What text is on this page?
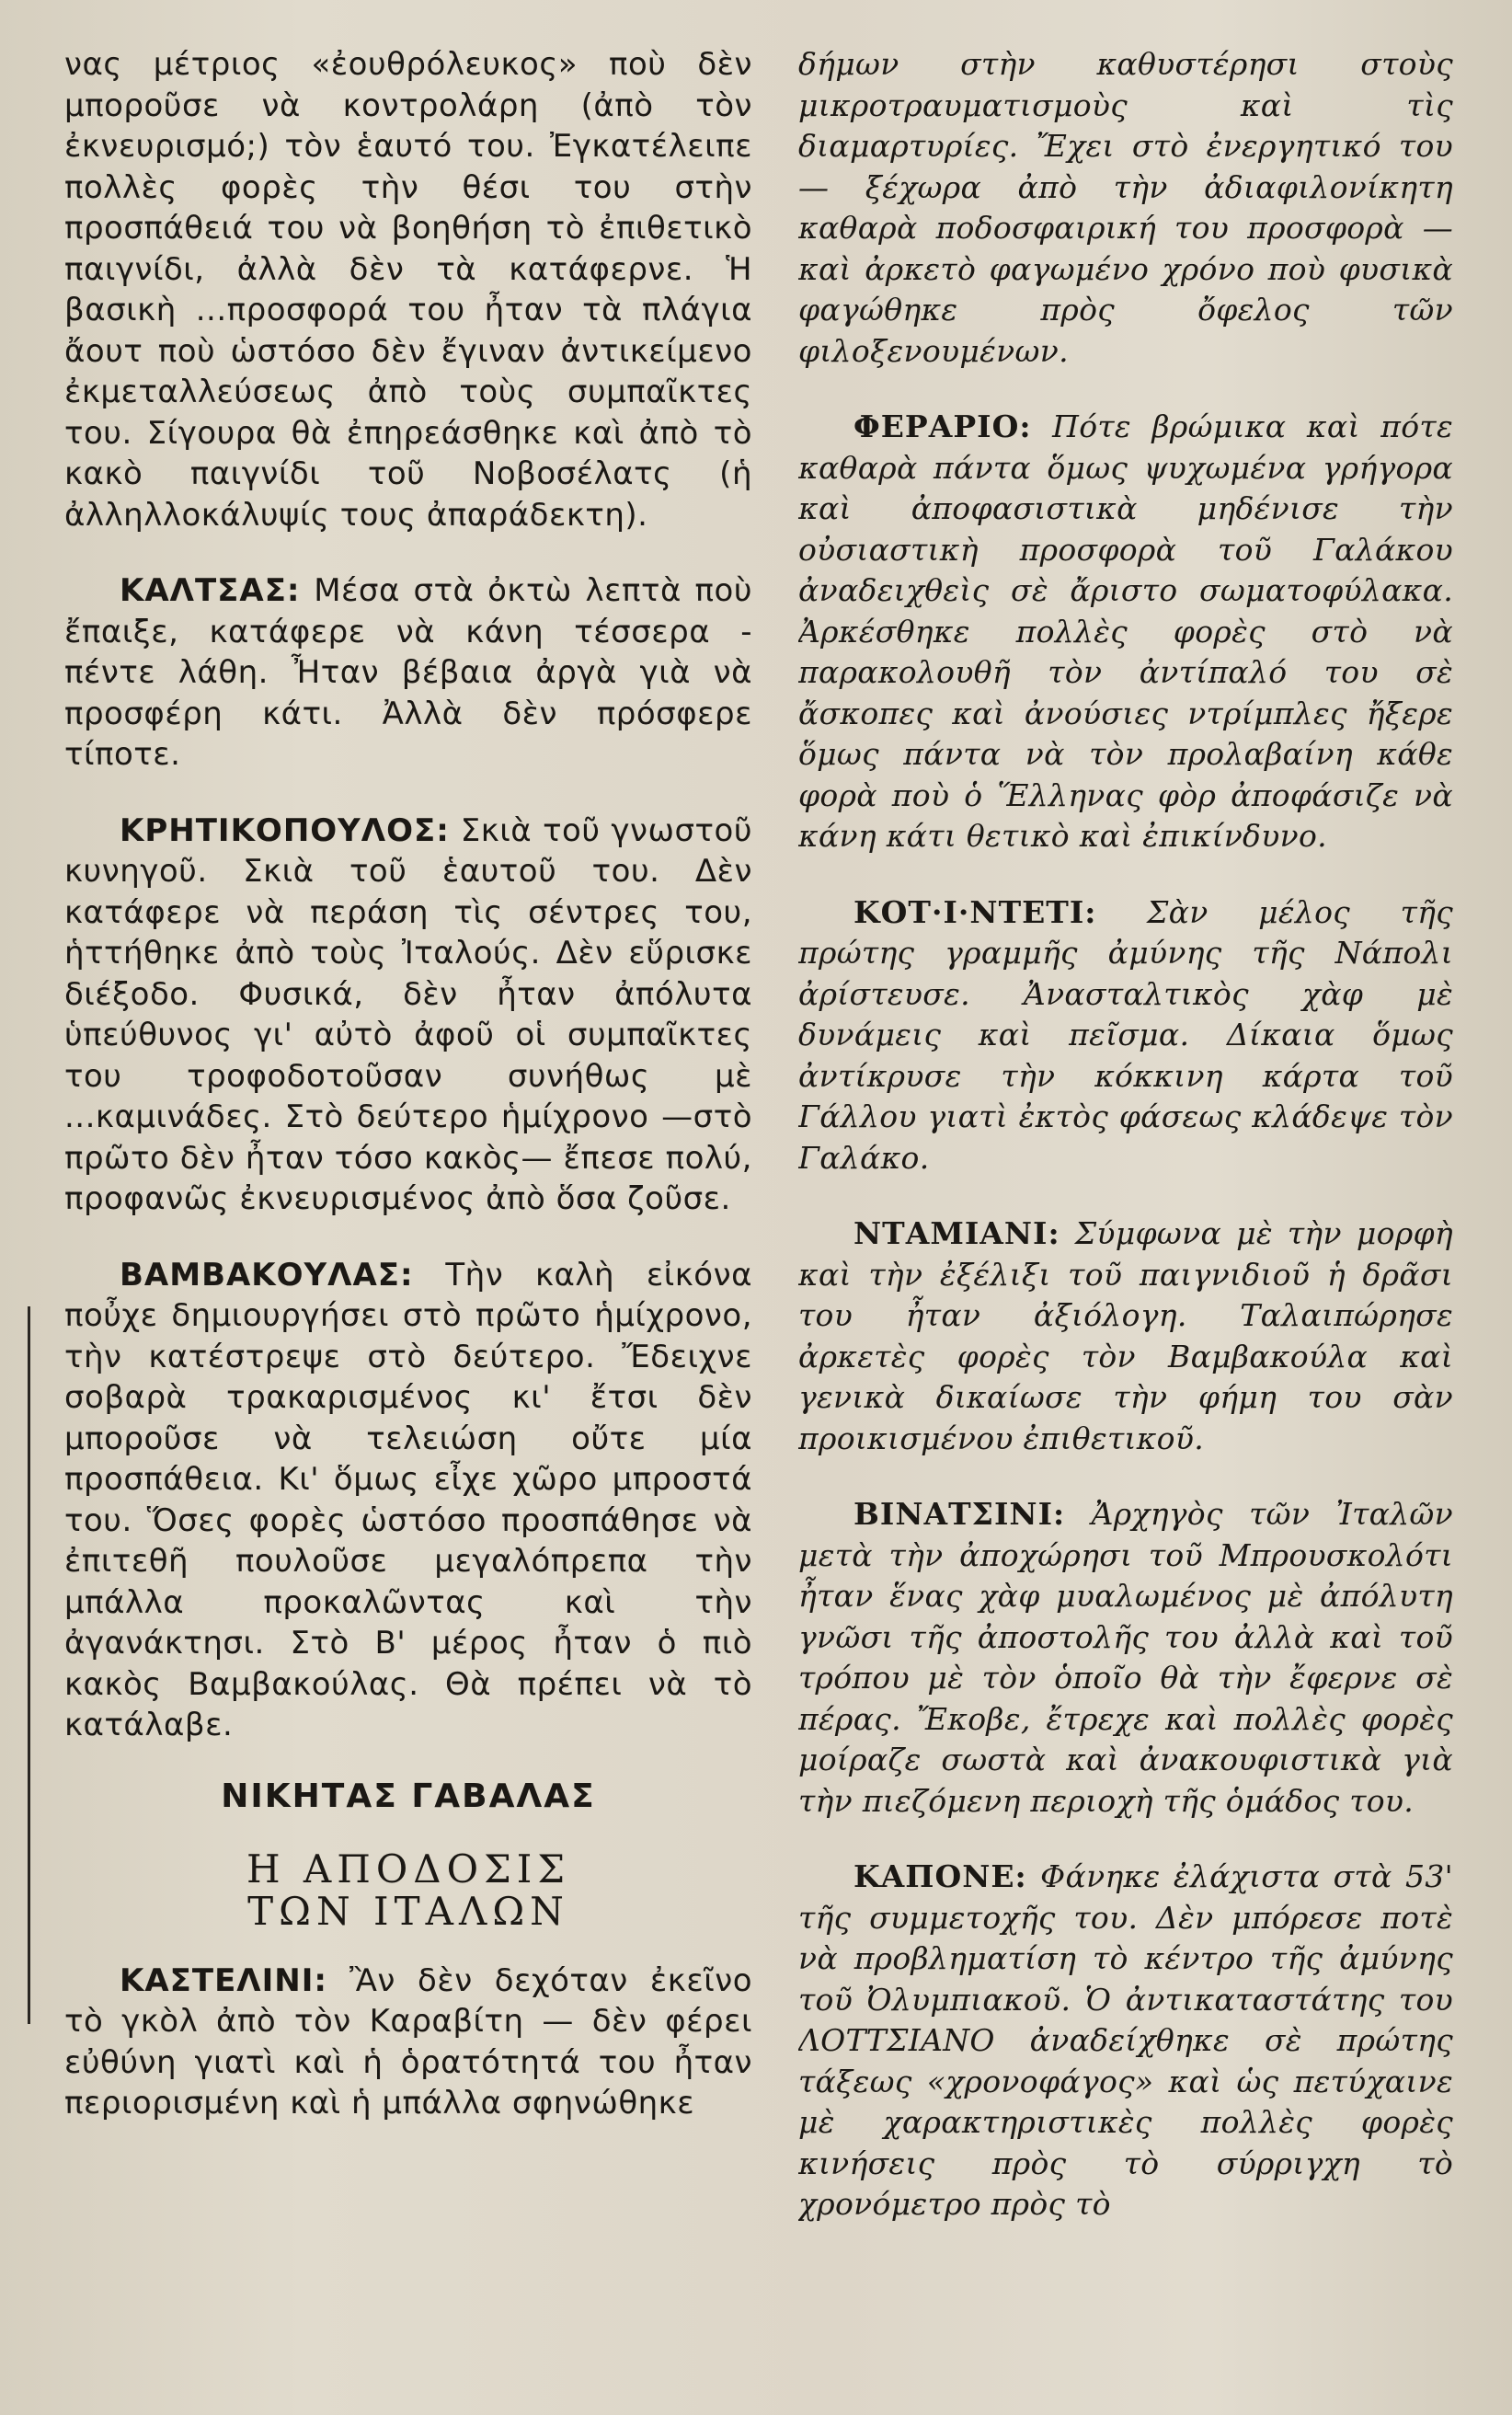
νας μέτριος «ἐουθρόλευκος» ποὺ δὲν μποροῦσε νὰ κοντρολάρη (ἀπὸ τὸν ἐκνευρισμό;) τὸν ἑαυτό του. Ἐγκατέλειπε πολλὲς φορὲς τὴν θέσι του στὴν προσπάθειά του νὰ βοηθήση τὸ ἐπιθετικὸ παιγνίδι, ἀλλὰ δὲν τὰ κατάφερνε. Ἡ βασικὴ ...προσφορά του ἦταν τὰ πλάγια ἄουτ ποὺ ὡστόσο δὲν ἔγιναν ἀντικείμενο ἐκμεταλλεύσεως ἀπὸ τοὺς συμπαῖκτες του. Σίγουρα θὰ ἐπηρεάσθηκε καὶ ἀπὸ τὸ κακὸ παιγνίδι τοῦ Νοβοσέλατς (ἡ ἀλληλλοκάλυψίς τους ἀπαράδεκτη).

ΚΑΛΤΣΑΣ: Μέσα στὰ ὀκτὼ λεπτὰ ποὺ ἔπαιξε, κατάφερε νὰ κάνη τέσσερα - πέντε λάθη. Ἦταν βέβαια ἀργὰ γιὰ νὰ προσφέρη κάτι. Ἀλλὰ δὲν πρόσφερε τίποτε.

ΚΡΗΤΙΚΟΠΟΥΛΟΣ: Σκιὰ τοῦ γνωστοῦ κυνηγοῦ. Σκιὰ τοῦ ἑαυτοῦ του. Δὲν κατάφερε νὰ περάση τὶς σέντρες του, ἡττήθηκε ἀπὸ τοὺς Ἰταλούς. Δὲν εὕρισκε διέξοδο. Φυσικά, δὲν ἦταν ἀπόλυτα ὑπεύθυνος γι' αὐτὸ ἀφοῦ οἱ συμπαῖκτες του τροφοδοτοῦσαν συνήθως μὲ ...καμινάδες. Στὸ δεύτερο ἡμίχρονο —στὸ πρῶτο δὲν ἦταν τόσο κακὸς— ἔπεσε πολύ, προφανῶς ἐκνευρισμένος ἀπὸ ὅσα ζοῦσε.

ΒΑΜΒΑΚΟΥΛΑΣ: Τὴν καλὴ εἰκόνα ποὖχε δημιουργήσει στὸ πρῶτο ἡμίχρονο, τὴν κατέστρεψε στὸ δεύτερο. Ἔδειχνε σοβαρὰ τρακαρισμένος κι' ἔτσι δὲν μποροῦσε νὰ τελειώση οὔτε μία προσπάθεια. Κι' ὅμως εἶχε χῶρο μπροστά του. Ὅσες φορὲς ὡστόσο προσπάθησε νὰ ἐπιτεθῆ πουλοῦσε μεγαλόπρεπα τὴν μπάλλα προκαλῶντας καὶ τὴν ἀγανάκτησι. Στὸ Β' μέρος ἦταν ὁ πιὸ κακὸς Βαμβακούλας. Θὰ πρέπει νὰ τὸ κατάλαβε.

ΝΙΚΗΤΑΣ ΓΑΒΑΛΑΣ
Η ΑΠΟΔΟΣΙΣ
ΤΩΝ ΙΤΑΛΩΝ

ΚΑΣΤΕΛΙΝΙ: Ἂν δὲν δεχόταν ἐκεῖνο τὸ γκὸλ ἀπὸ τὸν Καραβίτη — δὲν φέρει εὐθύνη γιατὶ καὶ ἡ ὁρατότητά του ἦταν περιορισμένη καὶ ἡ μπάλλα σφηνώθηκε

δήμων στὴν καθυστέρησι στοὺς μικροτραυματισμοὺς καὶ τὶς διαμαρτυρίες. Ἔχει στὸ ἐνεργητικό του — ξέχωρα ἀπὸ τὴν ἀδιαφιλονίκητη καθαρὰ ποδοσφαιρική του προσφορὰ — καὶ ἀρκετὸ φαγωμένο χρόνο ποὺ φυσικὰ φαγώθηκε πρὸς ὄφελος τῶν φιλοξενουμένων.

ΦΕΡΑΡΙΟ: Πότε βρώμικα καὶ πότε καθαρὰ πάντα ὅμως ψυχωμένα γρήγορα καὶ ἀποφασιστικὰ μηδένισε τὴν οὐσιαστικὴ προσφορὰ τοῦ Γαλάκου ἀναδειχθεὶς σὲ ἄριστο σωματοφύλακα. Ἀρκέσθηκε πολλὲς φορὲς στὸ νὰ παρακολουθῆ τὸν ἀντίπαλό του σὲ ἄσκοπες καὶ ἀνούσιες ντρίμπλες ἤξερε ὅμως πάντα νὰ τὸν προλαβαίνη κάθε φορὰ ποὺ ὁ Ἕλληνας φὸρ ἀποφάσιζε νὰ κάνη κάτι θετικὸ καὶ ἐπικίνδυνο.

ΚΟΤ·Ι·ΝΤΕΤΙ: Σὰν μέλος τῆς πρώτης γραμμῆς ἀμύνης τῆς Νάπολι ἀρίστευσε. Ἀνασταλτικὸς χὰφ μὲ δυνάμεις καὶ πεῖσμα. Δίκαια ὅμως ἀντίκρυσε τὴν κόκκινη κάρτα τοῦ Γάλλου γιατὶ ἐκτὸς φάσεως κλάδεψε τὸν Γαλάκο.

ΝΤΑΜΙΑΝΙ: Σύμφωνα μὲ τὴν μορφὴ καὶ τὴν ἐξέλιξι τοῦ παιγνιδιοῦ ἡ δρᾶσι του ἦταν ἀξιόλογη. Ταλαιπώρησε ἀρκετὲς φορὲς τὸν Βαμβακούλα καὶ γενικὰ δικαίωσε τὴν φήμη του σὰν προικισμένου ἐπιθετικοῦ.

ΒΙΝΑΤΣΙΝΙ: Ἀρχηγὸς τῶν Ἰταλῶν μετὰ τὴν ἀποχώρησι τοῦ Μπρουσκολότι ἦταν ἕνας χὰφ μυαλωμένος μὲ ἀπόλυτη γνῶσι τῆς ἀποστολῆς του ἀλλὰ καὶ τοῦ τρόπου μὲ τὸν ὁποῖο θὰ τὴν ἔφερνε σὲ πέρας. Ἔκοβε, ἔτρεχε καὶ πολλὲς φορὲς μοίραζε σωστὰ καὶ ἀνακουφιστικὰ γιὰ τὴν πιεζόμενη περιοχὴ τῆς ὁμάδος του.

ΚΑΠΟΝΕ: Φάνηκε ἐλάχιστα στὰ 53' τῆς συμμετοχῆς του. Δὲν μπόρεσε ποτὲ νὰ προβληματίση τὸ κέντρο τῆς ἀμύνης τοῦ Ὀλυμπιακοῦ. Ὁ ἀντικαταστάτης του ΛΟΤΤΣΙΑΝΟ ἀναδείχθηκε σὲ πρώτης τάξεως «χρονοφάγος» καὶ ὡς πετύχαινε μὲ χαρακτηριστικὲς πολλὲς φορὲς κινήσεις πρὸς τὸ σύρριγχη τὸ χρονόμετρο πρὸς τὸ
